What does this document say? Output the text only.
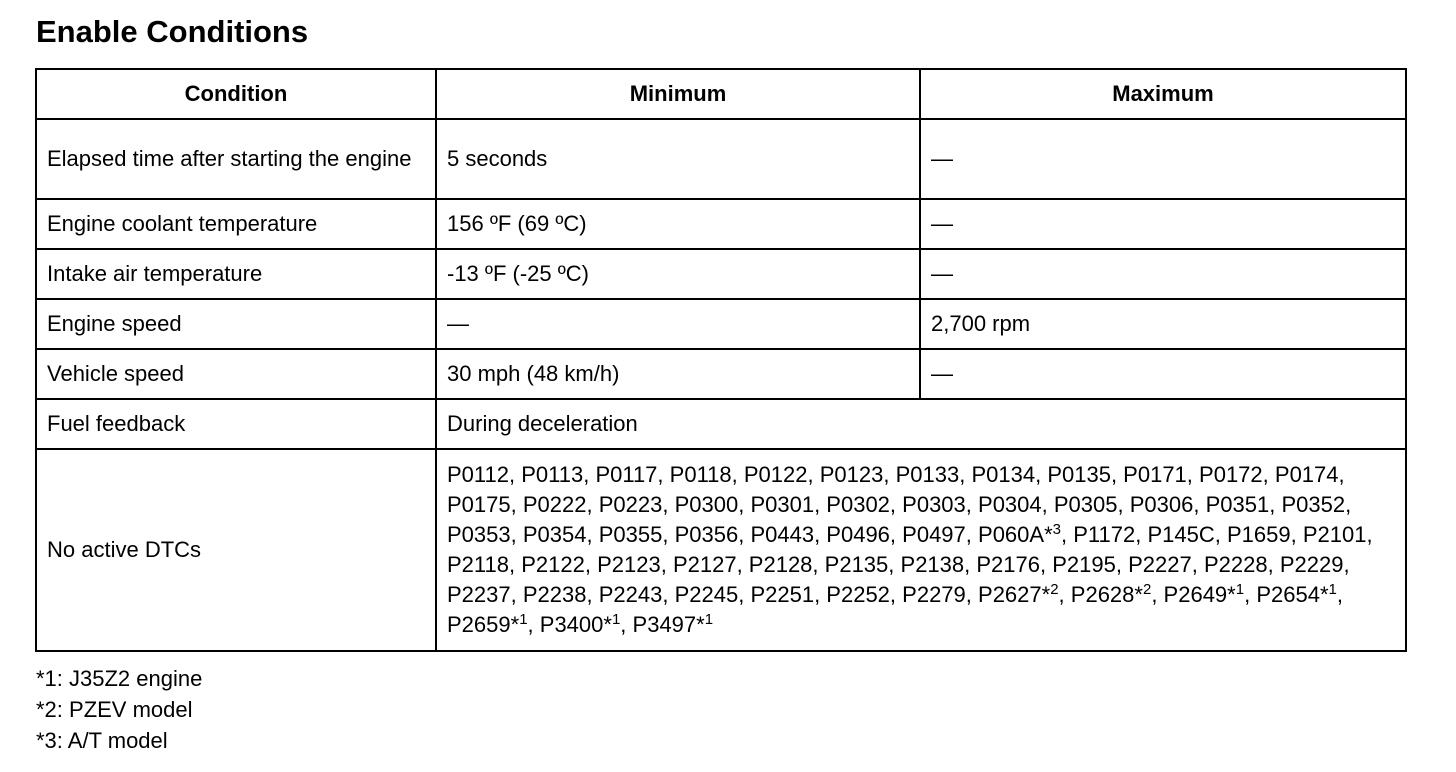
Enable Conditions
Condition	Minimum	Maximum
Elapsed time after starting the engine	5 seconds	—
Engine coolant temperature	156 ºF (69 ºC)	—
Intake air temperature	-13 ºF (-25 ºC)	—
Engine speed	—	2,700 rpm
Vehicle speed	30 mph (48 km/h)	—
Fuel feedback	During deceleration	
No active DTCs	P0112, P0113, P0117, P0118, P0122, P0123, P0133, P0134, P0135, P0171, P0172, P0174, P0175, P0222, P0223, P0300, P0301, P0302, P0303, P0304, P0305, P0306, P0351, P0352, P0353, P0354, P0355, P0356, P0443, P0496, P0497, P060A*$^3$, P1172, P145C, P1659, P2101, P2118, P2122, P2123, P2127, P2128, P2135, P2138, P2176, P2195, P2227, P2228, P2229, P2237, P2238, P2243, P2245, P2251, P2252, P2279, P2627*$^2$, P2628*$^2$, P2649*$^1$, P2654*$^1$, P2659*$^1$, P3400*$^1$, P3497*$^1$
*1: J35Z2 engine
*2: PZEV model
*3: A/T model
